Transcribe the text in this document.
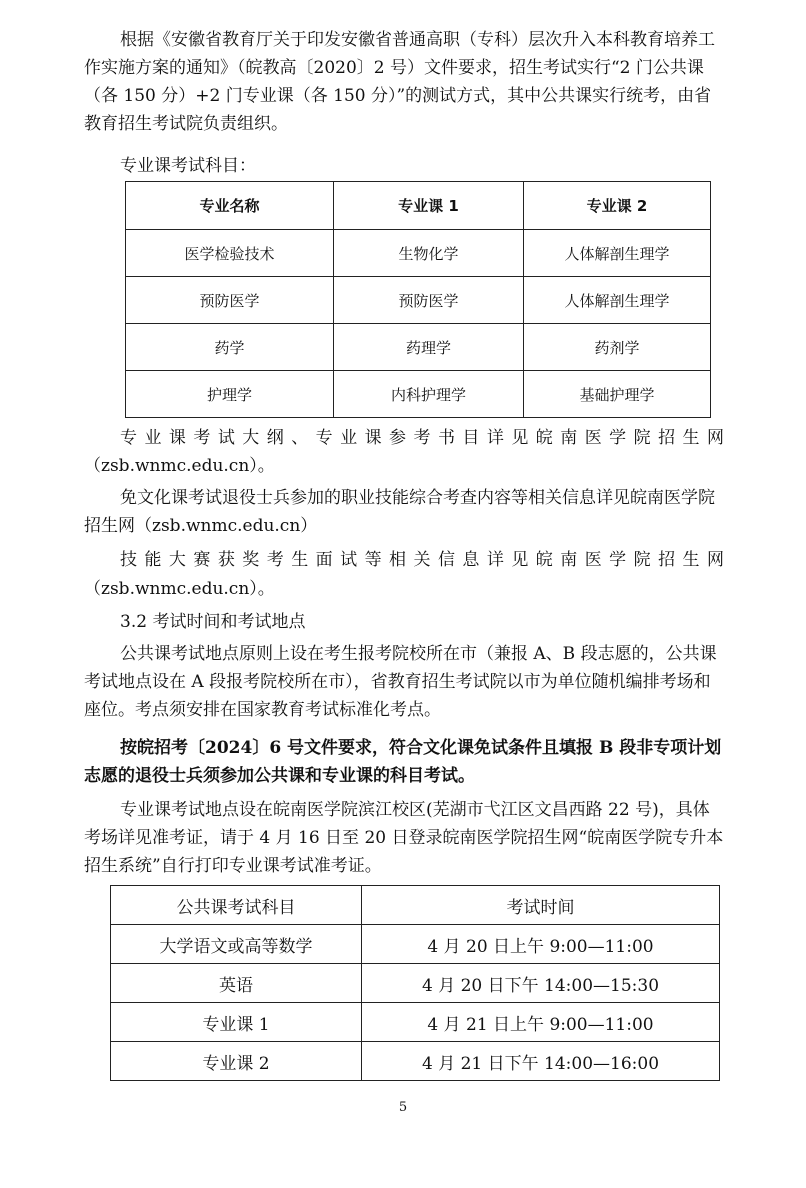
根据《安徽省教育厅关于印发安徽省普通高职（专科）层次升入本科教育培养工作实施方案的通知》（皖教高〔2020〕2 号）文件要求，招生考试实行“2 门公共课（各 150 分）+2 门专业课（各 150 分）”的测试方式，其中公共课实行统考，由省教育招生考试院负责组织。

专业课考试科目：

专业名称	专业课 1	专业课 2
医学检验技术	生物化学	人体解剖生理学
预防医学	预防医学	人体解剖生理学
药学	药理学	药剂学
护理学	内科护理学	基础护理学

专业课考试大纲、专业课参考书目详见皖南医学院招生网

（zsb.wnmc.edu.cn）。

免文化课考试退役士兵参加的职业技能综合考查内容等相关信息详见皖南医学院招生网（zsb.wnmc.edu.cn）

技能大赛获奖考生面试等相关信息详见皖南医学院招生网

（zsb.wnmc.edu.cn）。

3.2 考试时间和考试地点

公共课考试地点原则上设在考生报考院校所在市（兼报 A、B 段志愿的，公共课考试地点设在 A 段报考院校所在市），省教育招生考试院以市为单位随机编排考场和座位。考点须安排在国家教育考试标准化考点。

按皖招考〔2024〕6 号文件要求，符合文化课免试条件且填报 B 段非专项计划志愿的退役士兵须参加公共课和专业课的科目考试。

专业课考试地点设在皖南医学院滨江校区(芜湖市弋江区文昌西路 22 号)，具体考场详见准考证，请于 4 月 16 日至 20 日登录皖南医学院招生网“皖南医学院专升本招生系统”自行打印专业课考试准考证。

公共课考试科目	考试时间
大学语文或高等数学	4 月 20 日上午 9:00—11:00
英语	4 月 20 日下午 14:00—15:30
专业课 1	4 月 21 日上午 9:00—11:00
专业课 2	4 月 21 日下午 14:00—16:00
5
